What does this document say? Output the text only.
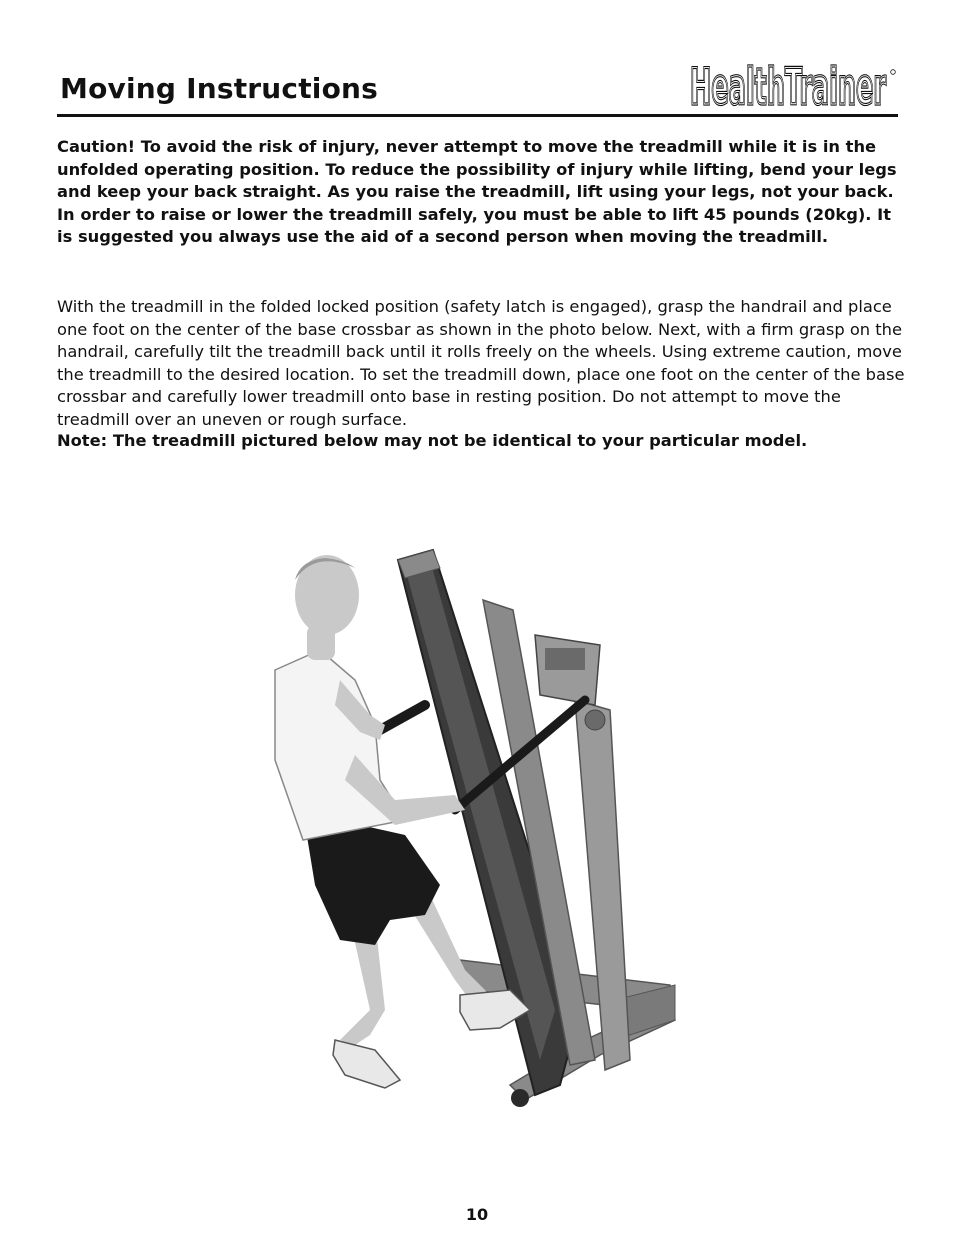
Moving Instructions	HealthTrainer
HealthTrainer

Caution! To avoid the risk of injury, never attempt to move the treadmill while it is in the unfolded operating position. To reduce the possibility of injury while lifting, bend your legs and keep your back straight. As you raise the treadmill, lift using your legs, not your back. In order to raise or lower the treadmill safely, you must be able to lift 45 pounds (20kg). It is suggested you always use the aid of a second person when moving the treadmill.

With the treadmill in the folded locked position (safety latch is engaged), grasp the handrail and place one foot on the center of the base crossbar as shown in the photo below. Next, with a firm grasp on the handrail, carefully tilt the treadmill back until it rolls freely on the wheels. Using extreme caution, move the treadmill to the desired location. To set the treadmill down, place one foot on the center of the base crossbar and carefully lower treadmill onto base in resting position. Do not attempt to move the treadmill over an uneven or rough surface.

Note: The treadmill pictured below may not be identical to your particular model.

10
